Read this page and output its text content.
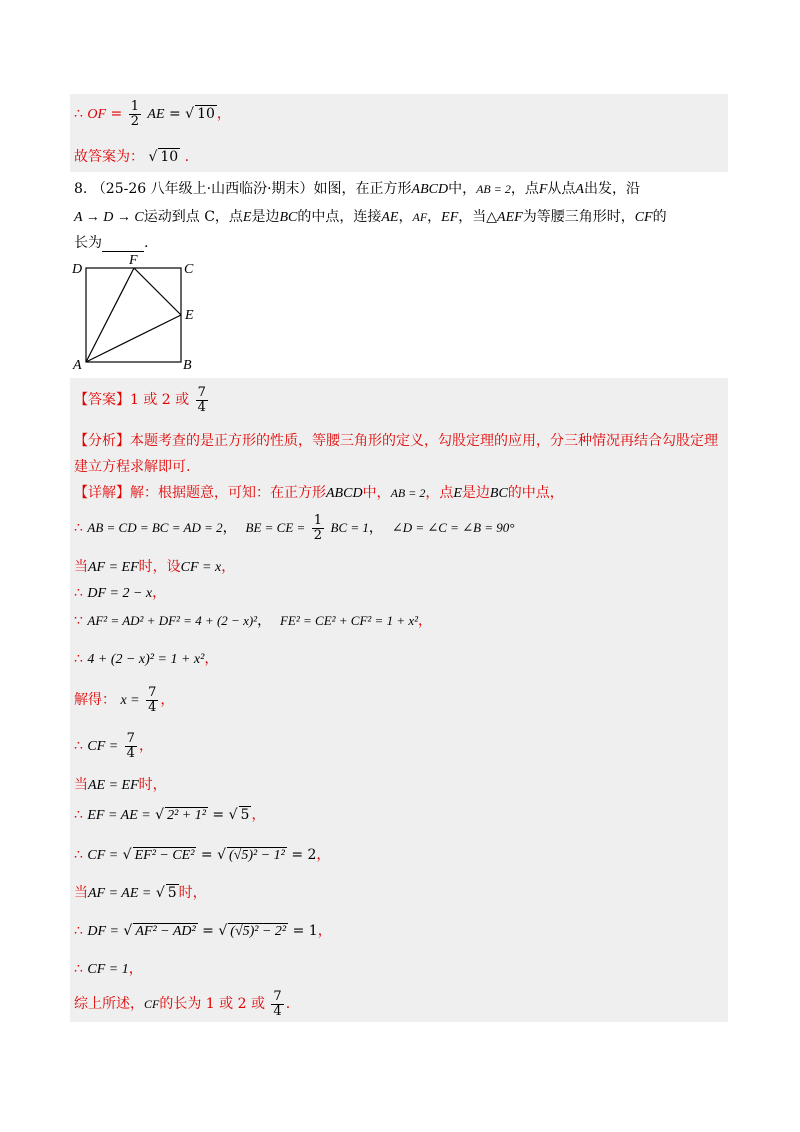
∴ OF = $\frac{1}{2}$ AE = √ 10 ，
故答案为： √ 10 .
8. （25-26 八年级上·山西临汾·期末）如图，在正方形ABCD中，AB = 2，点F从点A出发，沿
A → D → C运动到点 C，点E是边BC的中点，连接AE，AF，EF，当△AEF为等腰三角形时，CF的
长为	.
D
F
C
E
A	B
【答案】1 或 2 或 $\frac{7}{4}$
【分析】本题考查的是正方形的性质，等腰三角形的定义，勾股定理的应用，分三种情况再结合勾股定理
建立方程求解即可.
【详解】解：根据题意，可知：在正方形ABCD中，AB = 2，点E是边BC的中点，
∴ AB = CD = BC = AD = 2， BE = CE = $\frac{1}{2}$ BC = 1， ∠D = ∠C = ∠B = 90°
当AF = EF时，设CF = x，
∴ DF = 2 − x，
∵ AF² = AD² + DF² = 4 + (2 − x)²， FE² = CE² + CF² = 1 + x²，
∴ 4 + (2 − x)² = 1 + x²，
解得： $x = \frac{7}{4}$ ，
∴ CF = $\frac{7}{4}$ ，
当AE = EF时，
∴ EF = AE = √ 2² + 1² = √ 5 ，
∴ CF = √ EF² − CE² = √ (√5)² − 1² = 2，
当AF = AE = √ 5 时，
∴ DF = √ AF² − AD² = √ (√5)² − 2² = 1，
∴ CF = 1，
综上所述，CF的长为 1 或 2 或 $\frac{7}{4}$ .
